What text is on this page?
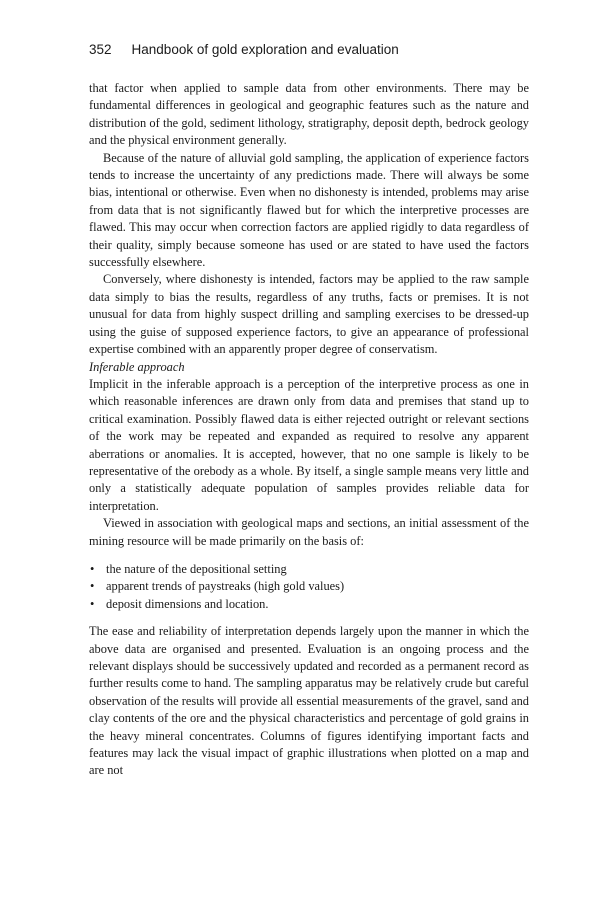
352 Handbook of gold exploration and evaluation

that factor when applied to sample data from other environments. There may be fundamental differences in geological and geographic features such as the nature and distribution of the gold, sediment lithology, stratigraphy, deposit depth, bedrock geology and the physical environment generally.

Because of the nature of alluvial gold sampling, the application of experience factors tends to increase the uncertainty of any predictions made. There will always be some bias, intentional or otherwise. Even when no dishonesty is intended, problems may arise from data that is not significantly flawed but for which the interpretive processes are flawed. This may occur when correction factors are applied rigidly to data regardless of their quality, simply because someone has used or are stated to have used the factors successfully elsewhere.

Conversely, where dishonesty is intended, factors may be applied to the raw sample data simply to bias the results, regardless of any truths, facts or premises. It is not unusual for data from highly suspect drilling and sampling exercises to be dressed-up using the guise of supposed experience factors, to give an appearance of professional expertise combined with an apparently proper degree of conservatism.

Inferable approach

Implicit in the inferable approach is a perception of the interpretive process as one in which reasonable inferences are drawn only from data and premises that stand up to critical examination. Possibly flawed data is either rejected outright or relevant sections of the work may be repeated and expanded as required to resolve any apparent aberrations or anomalies. It is accepted, however, that no one sample is likely to be representative of the orebody as a whole. By itself, a single sample means very little and only a statistically adequate population of samples provides reliable data for interpretation.

Viewed in association with geological maps and sections, an initial assessment of the mining resource will be made primarily on the basis of:

• the nature of the depositional setting
• apparent trends of paystreaks (high gold values)
• deposit dimensions and location.

The ease and reliability of interpretation depends largely upon the manner in which the above data are organised and presented. Evaluation is an ongoing process and the relevant displays should be successively updated and recorded as a permanent record as further results come to hand. The sampling apparatus may be relatively crude but careful observation of the results will provide all essential measurements of the gravel, sand and clay contents of the ore and the physical characteristics and percentage of gold grains in the heavy mineral concentrates. Columns of figures identifying important facts and features may lack the visual impact of graphic illustrations when plotted on a map and are not
